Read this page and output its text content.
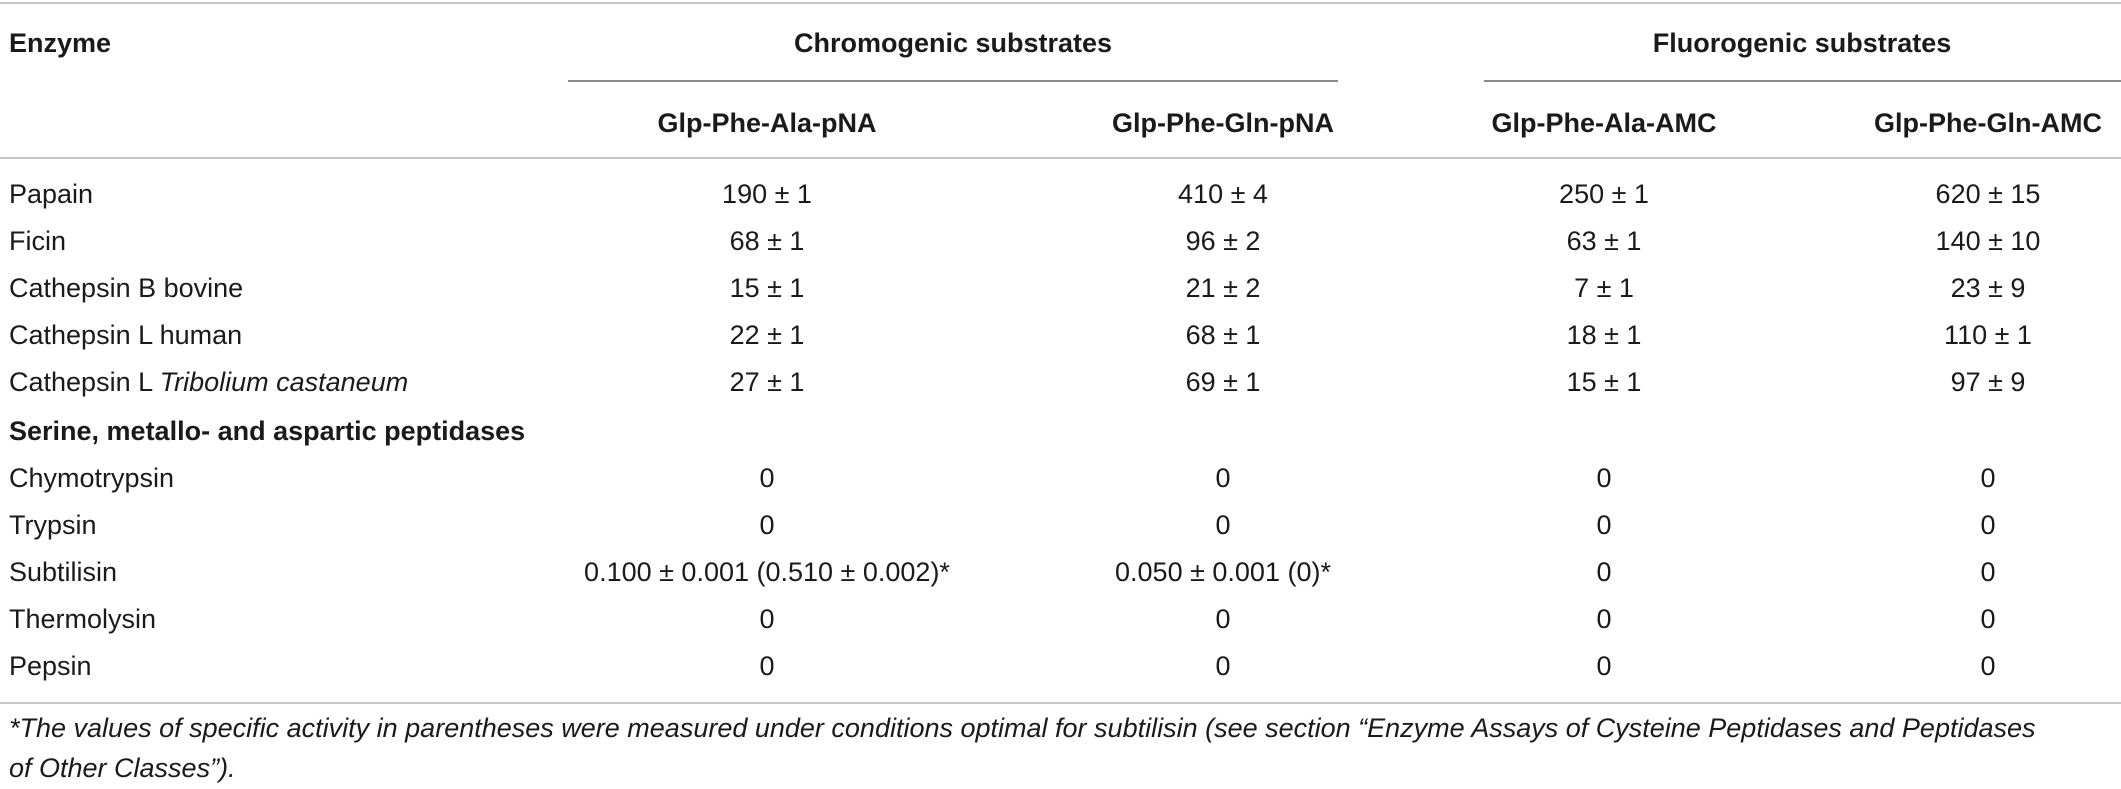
Enzyme	Chromogenic substrates	Fluorogenic substrates
Glp-Phe-Ala-pNA	Glp-Phe-Gln-pNA	Glp-Phe-Ala-AMC	Glp-Phe-Gln-AMC
Papain	190 ± 1	410 ± 4	250 ± 1	620 ± 15
Ficin	68 ± 1	96 ± 2	63 ± 1	140 ± 10
Cathepsin B bovine	15 ± 1	21 ± 2	7 ± 1	23 ± 9
Cathepsin L human	22 ± 1	68 ± 1	18 ± 1	110 ± 1
Cathepsin L Tribolium castaneum	27 ± 1	69 ± 1	15 ± 1	97 ± 9
Serine, metallo- and aspartic peptidases
Chymotrypsin	0	0	0	0
Trypsin	0	0	0	0
Subtilisin	0.100 ± 0.001 (0.510 ± 0.002)*	0.050 ± 0.001 (0)*	0	0
Thermolysin	0	0	0	0
Pepsin	0	0	0	0
*The values of specific activity in parentheses were measured under conditions optimal for subtilisin (see section “Enzyme Assays of Cysteine Peptidases and Peptidases
of Other Classes”).
